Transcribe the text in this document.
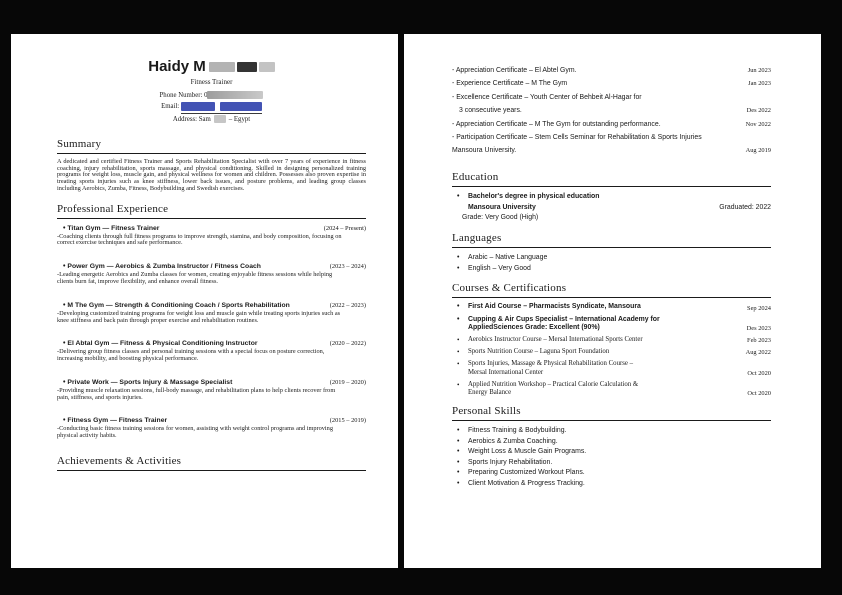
Haidy M
Fitness Trainer
Phone Number: 0
Email:
Address: Sam	– Egypt
Summary

A dedicated and certified Fitness Trainer and Sports Rehabilitation Specialist with over 7 years of experience in fitness coaching, injury rehabilitation, sports massage, and physical conditioning. Skilled in designing personalized training programs for weight loss, muscle gain, and physical wellness for women and children. Possesses also proven expertise in treating sports injuries such as knee stiffness, lower back issues, and posture problems, and leading group classes including Aerobics, Zumba, Fitness, Bodybuilding and Swedish exercises.

Professional Experience
• Titan Gym — Fitness Trainer	(2024 – Present)
-Coaching clients through full fitness programs to improve strength, stamina, and body composition, focusing on correct exercise techniques and safe performance.
• Power Gym — Aerobics & Zumba Instructor / Fitness Coach	(2023 – 2024)
-Leading energetic Aerobics and Zumba classes for women, creating enjoyable fitness sessions while helping clients burn fat, improve flexibility, and enhance overall fitness.
• M The Gym — Strength & Conditioning Coach / Sports Rehabilitation	(2022 – 2023)
-Developing customized training programs for weight loss and muscle gain while treating sports injuries such as knee stiffness and back pain through proper exercise and rehabilitation routines.
• El Abtal Gym — Fitness & Physical Conditioning Instructor	(2020 – 2022)
-Delivering group fitness classes and personal training sessions with a special focus on posture correction, increasing mobility, and boosting physical performance.
• Private Work — Sports Injury & Massage Specialist	(2019 – 2020)
-Providing muscle relaxation sessions, full-body massage, and rehabilitation plans to help clients recover from pain, stiffness, and sports injuries.
• Fitness Gym — Fitness Trainer	(2015 – 2019)
-Conducting basic fitness training sessions for women, assisting with weight control programs and improving physical activity habits.
Achievements & Activities
- Appreciation Certificate – El Abtel Gym.	Jun 2023
- Experience Certificate – M The Gym	Jan 2023
- Excellence Certificate – Youth Center of Behbeit Al-Hagar for
3 consecutive years.	Des 2022
- Appreciation Certificate – M The Gym for outstanding performance.	Nov 2022
- Participation Certificate – Stem Cells Seminar for Rehabilitation & Sports Injuries
Mansoura University.	Aug 2019
Education
• Bachelor's degree in physical education
Mansoura University	Graduated: 2022
Grade: Very Good (High)
Languages
• Arabic – Native Language
• English – Very Good
Courses & Certifications
• First Aid Course – Pharmacists Syndicate, Mansoura	Sep 2024
• Cupping & Air Cups Specialist – International Academy for
AppliedSciences Grade: Excellent (90%)	Des 2023
• Aerobics Instructor Course – Mersal International Sports Center	Feb 2023
• Sports Nutrition Course – Laguna Sport Foundation	Aug 2022
• Sports Injuries, Massage & Physical Rehabilitation Course –
Mersal International Center	Oct 2020
• Applied Nutrition Workshop – Practical Calorie Calculation &
Energy Balance	Oct 2020
Personal Skills
• Fitness Training & Bodybuilding.
• Aerobics & Zumba Coaching.
• Weight Loss & Muscle Gain Programs.
• Sports Injury Rehabilitation.
• Preparing Customized Workout Plans.
• Client Motivation & Progress Tracking.
